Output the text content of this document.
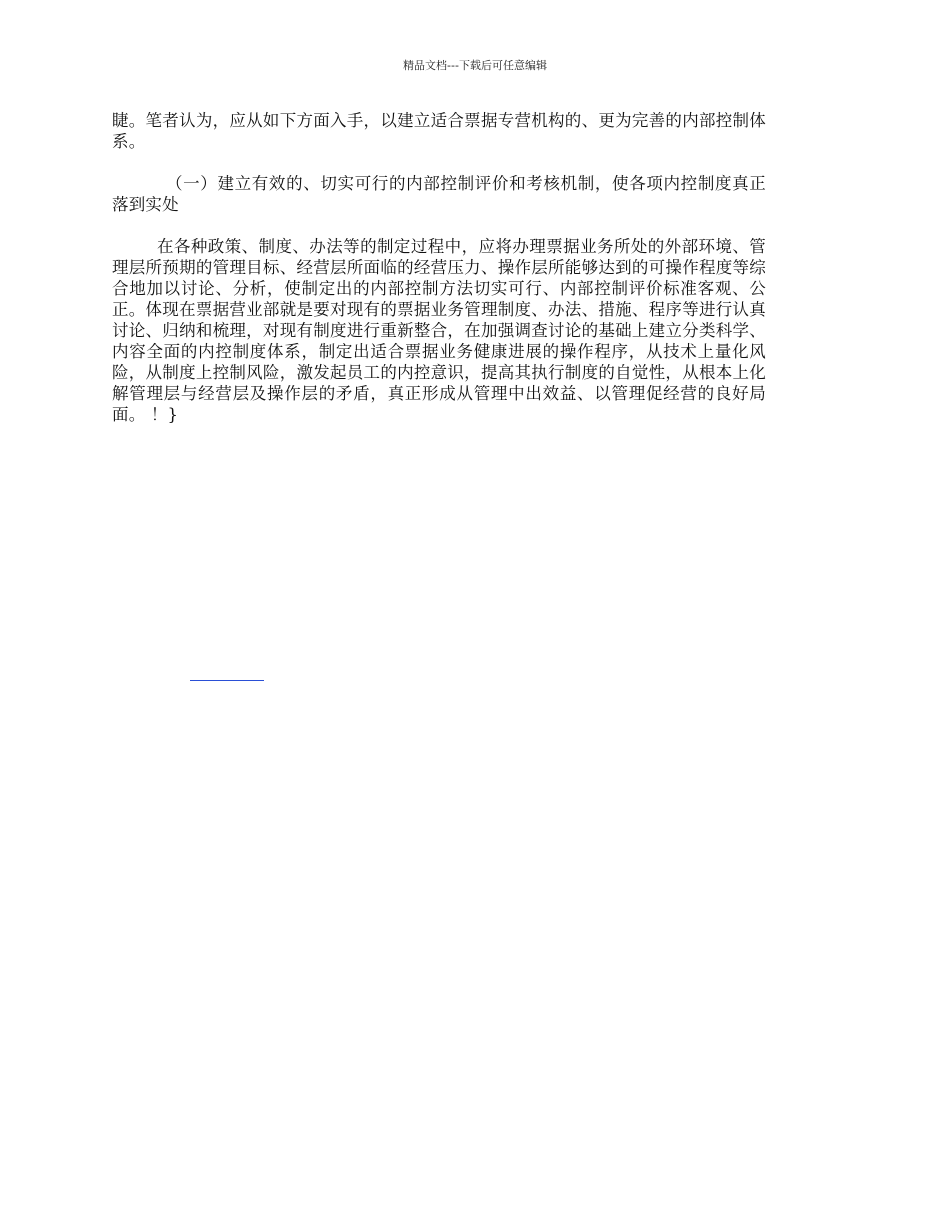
精品文档---下载后可任意编辑

睫。笔者认为，应从如下方面入手，以建立适合票据专营机构的、更为完善的内部控制体系。

（一）建立有效的、切实可行的内部控制评价和考核机制，使各项内控制度真正落到实处

在各种政策、制度、办法等的制定过程中，应将办理票据业务所处的外部环境、管理层所预期的管理目标、经营层所面临的经营压力、操作层所能够达到的可操作程度等综合地加以讨论、分析，使制定出的内部控制方法切实可行、内部控制评价标准客观、公正。体现在票据营业部就是要对现有的票据业务管理制度、办法、措施、程序等进行认真讨论、归纳和梳理，对现有制度进行重新整合，在加强调查讨论的基础上建立分类科学、内容全面的内控制度体系，制定出适合票据业务健康进展的操作程序，从技术上量化风险，从制度上控制风险，激发起员工的内控意识，提高其执行制度的自觉性，从根本上化解管理层与经营层及操作层的矛盾，真正形成从管理中出效益、以管理促经营的良好局面。 ！}
